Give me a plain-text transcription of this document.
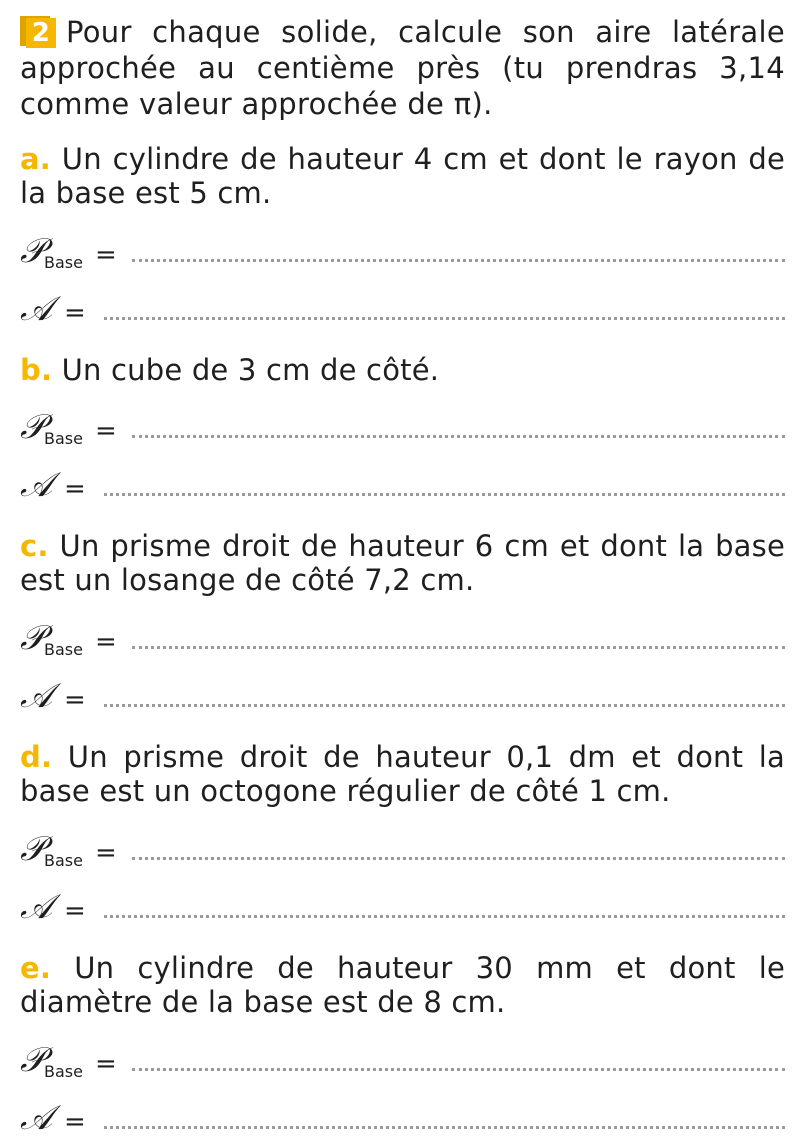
2 Pour chaque solide, calcule son aire latérale approchée au centième près (tu prendras 3,14 comme valeur approchée de π).
a. Un cylindre de hauteur 4 cm et dont le rayon de la base est 5 cm.
𝒫 Base =
𝒜 =
b. Un cube de 3 cm de côté.
𝒫 Base =
𝒜 =
c. Un prisme droit de hauteur 6 cm et dont la base est un losange de côté 7,2 cm.
𝒫 Base =
𝒜 =
d. Un prisme droit de hauteur 0,1 dm et dont la base est un octogone régulier de côté 1 cm.
𝒫 Base =
𝒜 =
e. Un cylindre de hauteur 30 mm et dont le diamètre de la base est de 8 cm.
𝒫 Base =
𝒜 =
